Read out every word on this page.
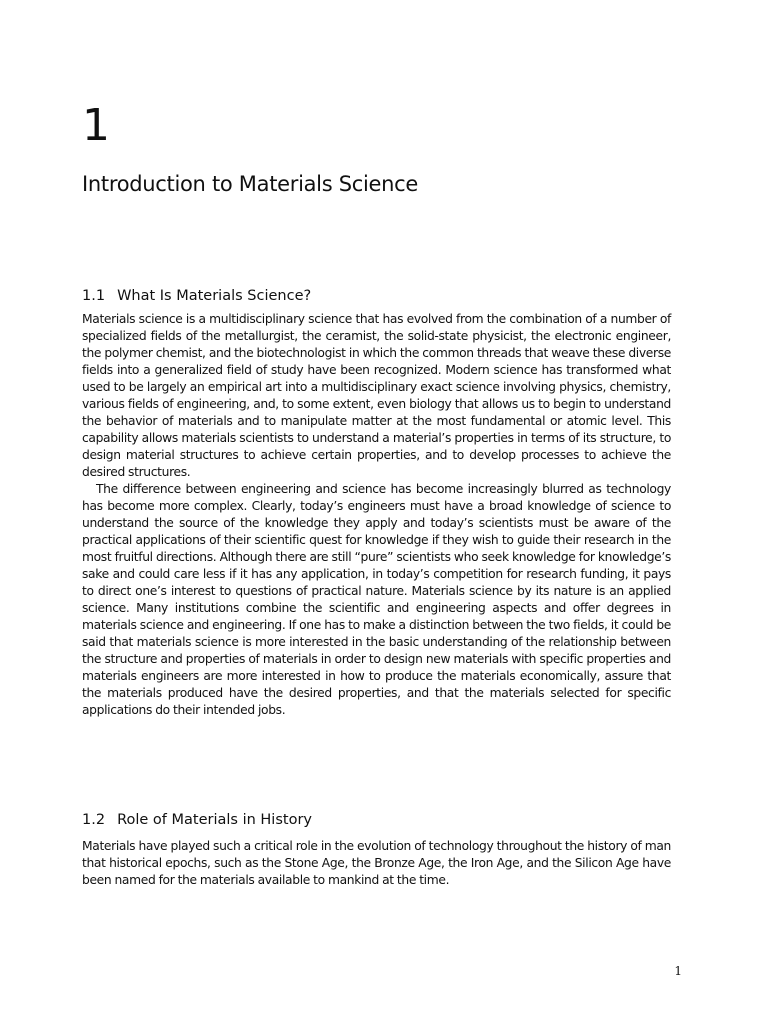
1
Introduction to Materials Science
1.1 What Is Materials Science?

Materials science is a multidisciplinary science that has evolved from the combination of a number of specialized fields of the metallurgist, the ceramist, the solid-state physicist, the electronic engineer, the polymer chemist, and the biotechnologist in which the common threads that weave these diverse fields into a generalized field of study have been recognized. Modern science has transformed what used to be largely an empirical art into a multidisciplinary exact science involving physics, chemistry, various fields of engineering, and, to some extent, even biology that allows us to begin to understand the behavior of materials and to manipulate matter at the most fundamental or atomic level. This capability allows materials scientists to understand a material’s properties in terms of its structure, to design material structures to achieve certain properties, and to develop processes to achieve the desired structures.

The difference between engineering and science has become increasingly blurred as technology has become more complex. Clearly, today’s engineers must have a broad knowledge of science to understand the source of the knowledge they apply and today’s scientists must be aware of the practical applications of their scientific quest for knowledge if they wish to guide their research in the most fruitful directions. Although there are still “pure” scientists who seek knowledge for knowledge’s sake and could care less if it has any application, in today’s competition for research funding, it pays to direct one’s interest to questions of practical nature. Materials science by its nature is an applied science. Many institutions combine the scientific and engineering aspects and offer degrees in materials science and engineering. If one has to make a distinction between the two fields, it could be said that materials science is more interested in the basic understanding of the relationship between the structure and properties of materials in order to design new materials with specific properties and materials engineers are more interested in how to produce the materials economically, assure that the materials produced have the desired properties, and that the materials selected for specific applications do their intended jobs.

1.2 Role of Materials in History

Materials have played such a critical role in the evolution of technology throughout the history of man that historical epochs, such as the Stone Age, the Bronze Age, the Iron Age, and the Silicon Age have been named for the materials available to mankind at the time.

1
